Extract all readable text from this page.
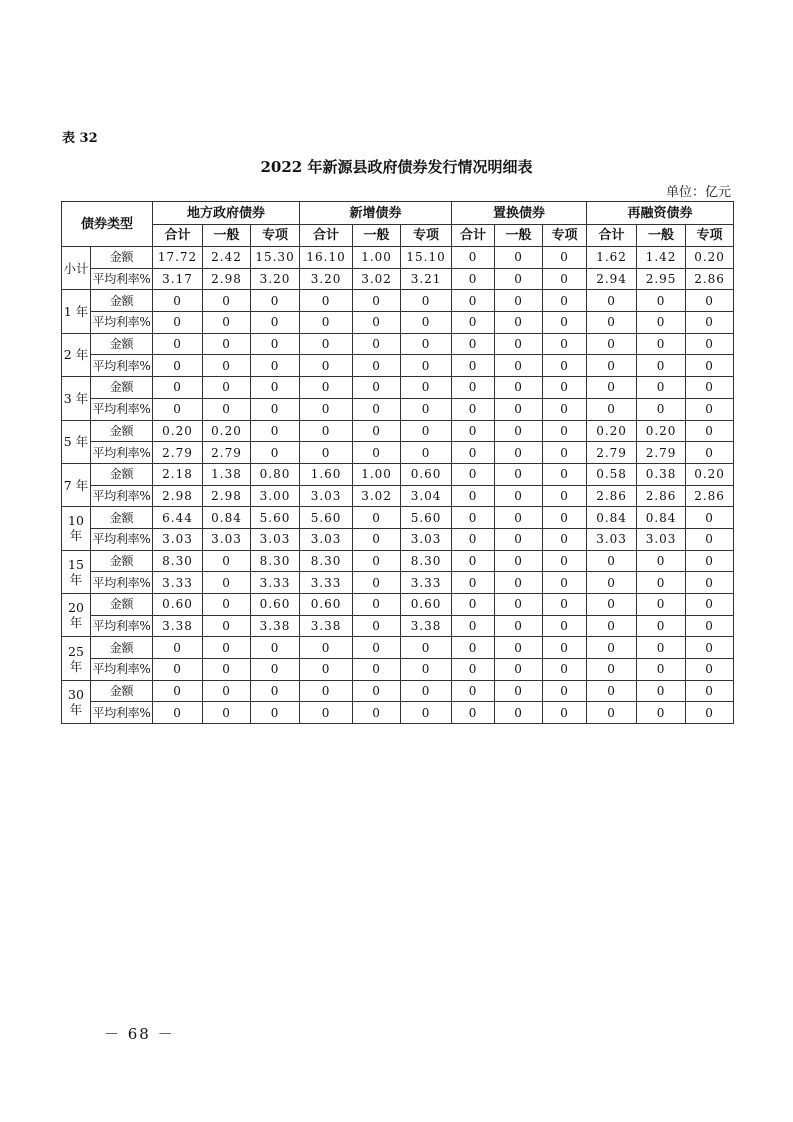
表 32
2022 年新源县政府债券发行情况明细表
单位：亿元
债券类型		地方政府债券			新增债券			置换债券			再融资债券		
		合计	一般	专项	合计	一般	专项	合计	一般	专项	合计	一般	专项
小计	金额	17.72	2.42	15.30	16.10	1.00	15.10	0	0	0	1.62	1.42	0.20
	平均利率%	3.17	2.98	3.20	3.20	3.02	3.21	0	0	0	2.94	2.95	2.86
1 年	金额	0	0	0	0	0	0	0	0	0	0	0	0
	平均利率%	0	0	0	0	0	0	0	0	0	0	0	0
2 年	金额	0	0	0	0	0	0	0	0	0	0	0	0
	平均利率%	0	0	0	0	0	0	0	0	0	0	0	0
3 年	金额	0	0	0	0	0	0	0	0	0	0	0	0
	平均利率%	0	0	0	0	0	0	0	0	0	0	0	0
5 年	金额	0.20	0.20	0	0	0	0	0	0	0	0.20	0.20	0
	平均利率%	2.79	2.79	0	0	0	0	0	0	0	2.79	2.79	0
7 年	金额	2.18	1.38	0.80	1.60	1.00	0.60	0	0	0	0.58	0.38	0.20
	平均利率%	2.98	2.98	3.00	3.03	3.02	3.04	0	0	0	2.86	2.86	2.86
10 年	金额	6.44	0.84	5.60	5.60	0	5.60	0	0	0	0.84	0.84	0
	平均利率%	3.03	3.03	3.03	3.03	0	3.03	0	0	0	3.03	3.03	0
15 年	金额	8.30	0	8.30	8.30	0	8.30	0	0	0	0	0	0
	平均利率%	3.33	0	3.33	3.33	0	3.33	0	0	0	0	0	0
20 年	金额	0.60	0	0.60	0.60	0	0.60	0	0	0	0	0	0
	平均利率%	3.38	0	3.38	3.38	0	3.38	0	0	0	0	0	0
25 年	金额	0	0	0	0	0	0	0	0	0	0	0	0
	平均利率%	0	0	0	0	0	0	0	0	0	0	0	0
30 年	金额	0	0	0	0	0	0	0	0	0	0	0	0
	平均利率%	0	0	0	0	0	0	0	0	0	0	0	0
－ 68 －
